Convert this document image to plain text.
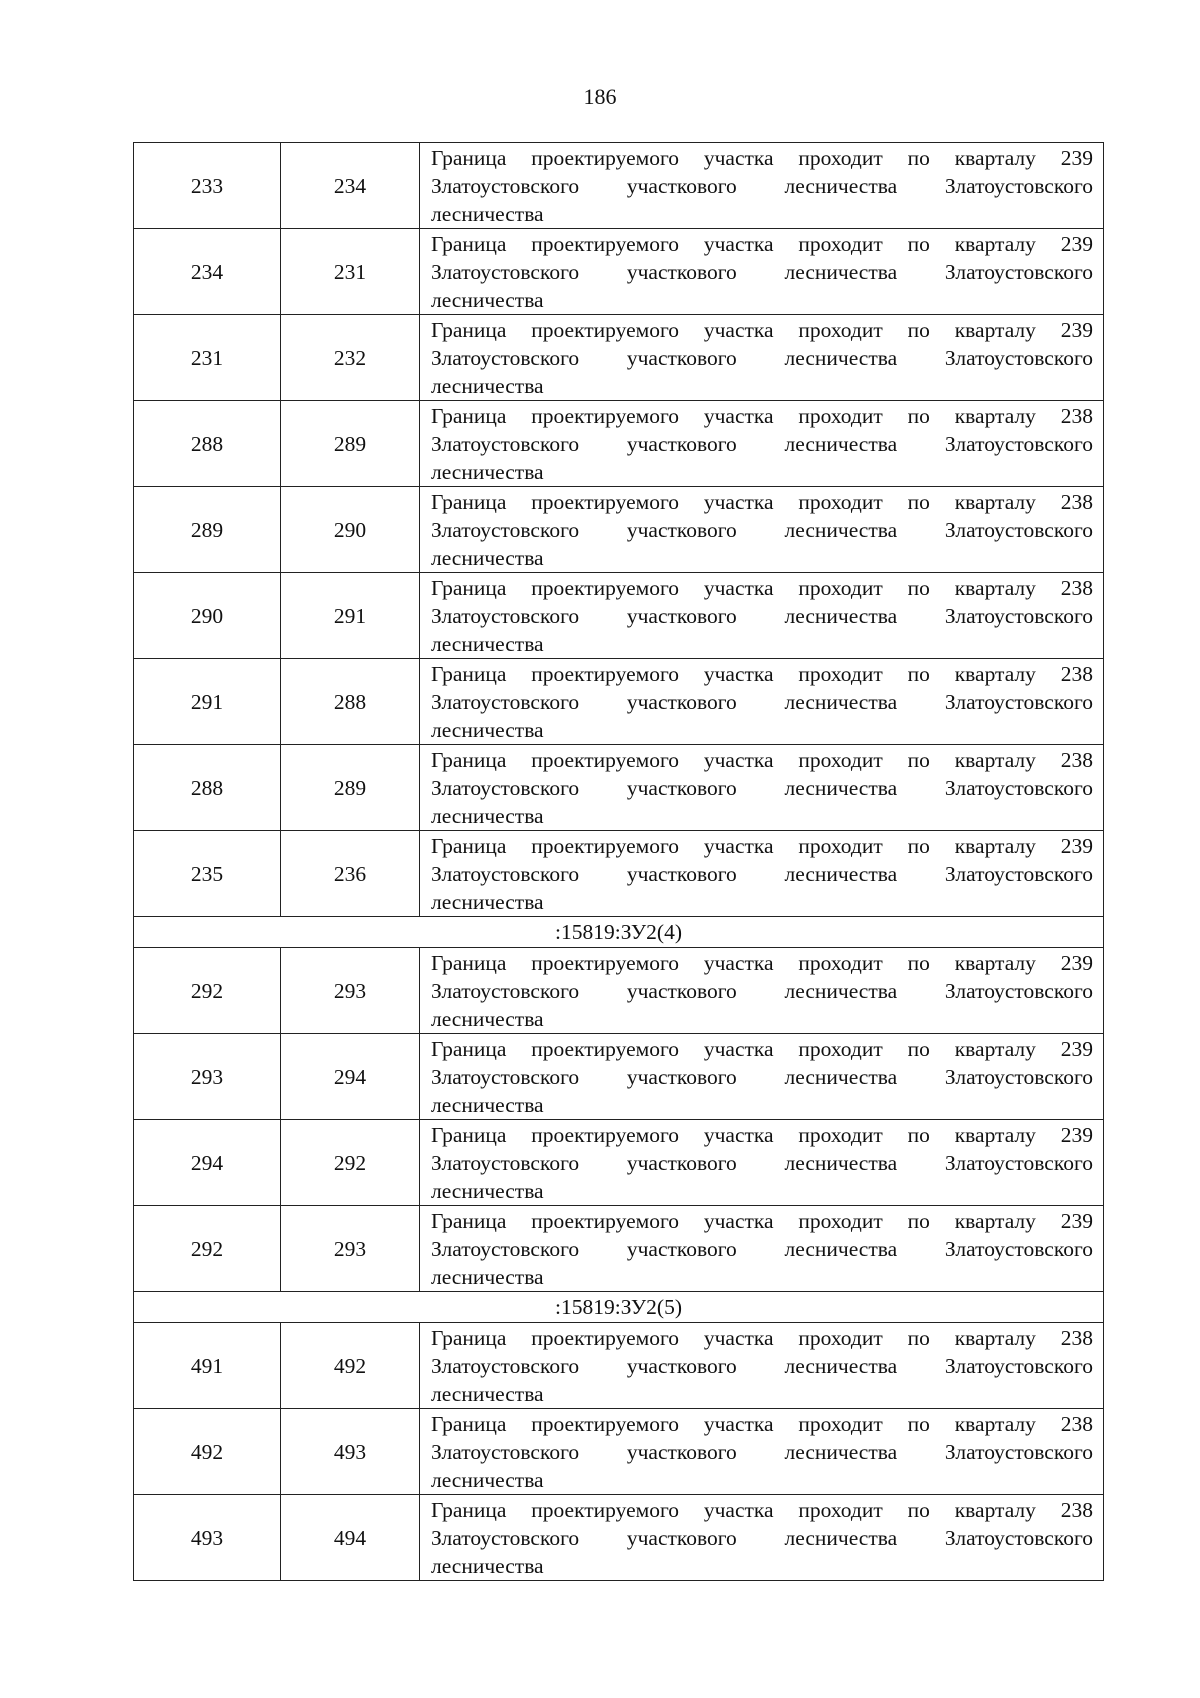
186
233	234	Граница проектируемого участка проходит по кварталу 239
Златоустовского участкового лесничества Златоустовского
лесничества

234	231	Граница проектируемого участка проходит по кварталу 239
Златоустовского участкового лесничества Златоустовского
лесничества

231	232	Граница проектируемого участка проходит по кварталу 239
Златоустовского участкового лесничества Златоустовского
лесничества

288	289	Граница проектируемого участка проходит по кварталу 238
Златоустовского участкового лесничества Златоустовского
лесничества

289	290	Граница проектируемого участка проходит по кварталу 238
Златоустовского участкового лесничества Златоустовского
лесничества

290	291	Граница проектируемого участка проходит по кварталу 238
Златоустовского участкового лесничества Златоустовского
лесничества

291	288	Граница проектируемого участка проходит по кварталу 238
Златоустовского участкового лесничества Златоустовского
лесничества

288	289	Граница проектируемого участка проходит по кварталу 238
Златоустовского участкового лесничества Златоустовского
лесничества

235	236	Граница проектируемого участка проходит по кварталу 239
Златоустовского участкового лесничества Златоустовского
лесничества

:15819:ЗУ2(4)		
292	293	Граница проектируемого участка проходит по кварталу 239
Златоустовского участкового лесничества Златоустовского
лесничества

293	294	Граница проектируемого участка проходит по кварталу 239
Златоустовского участкового лесничества Златоустовского
лесничества

294	292	Граница проектируемого участка проходит по кварталу 239
Златоустовского участкового лесничества Златоустовского
лесничества

292	293	Граница проектируемого участка проходит по кварталу 239
Златоустовского участкового лесничества Златоустовского
лесничества

:15819:ЗУ2(5)		
491	492	Граница проектируемого участка проходит по кварталу 238
Златоустовского участкового лесничества Златоустовского
лесничества

492	493	Граница проектируемого участка проходит по кварталу 238
Златоустовского участкового лесничества Златоустовского
лесничества

493	494	Граница проектируемого участка проходит по кварталу 238
Златоустовского участкового лесничества Златоустовского
лесничества
